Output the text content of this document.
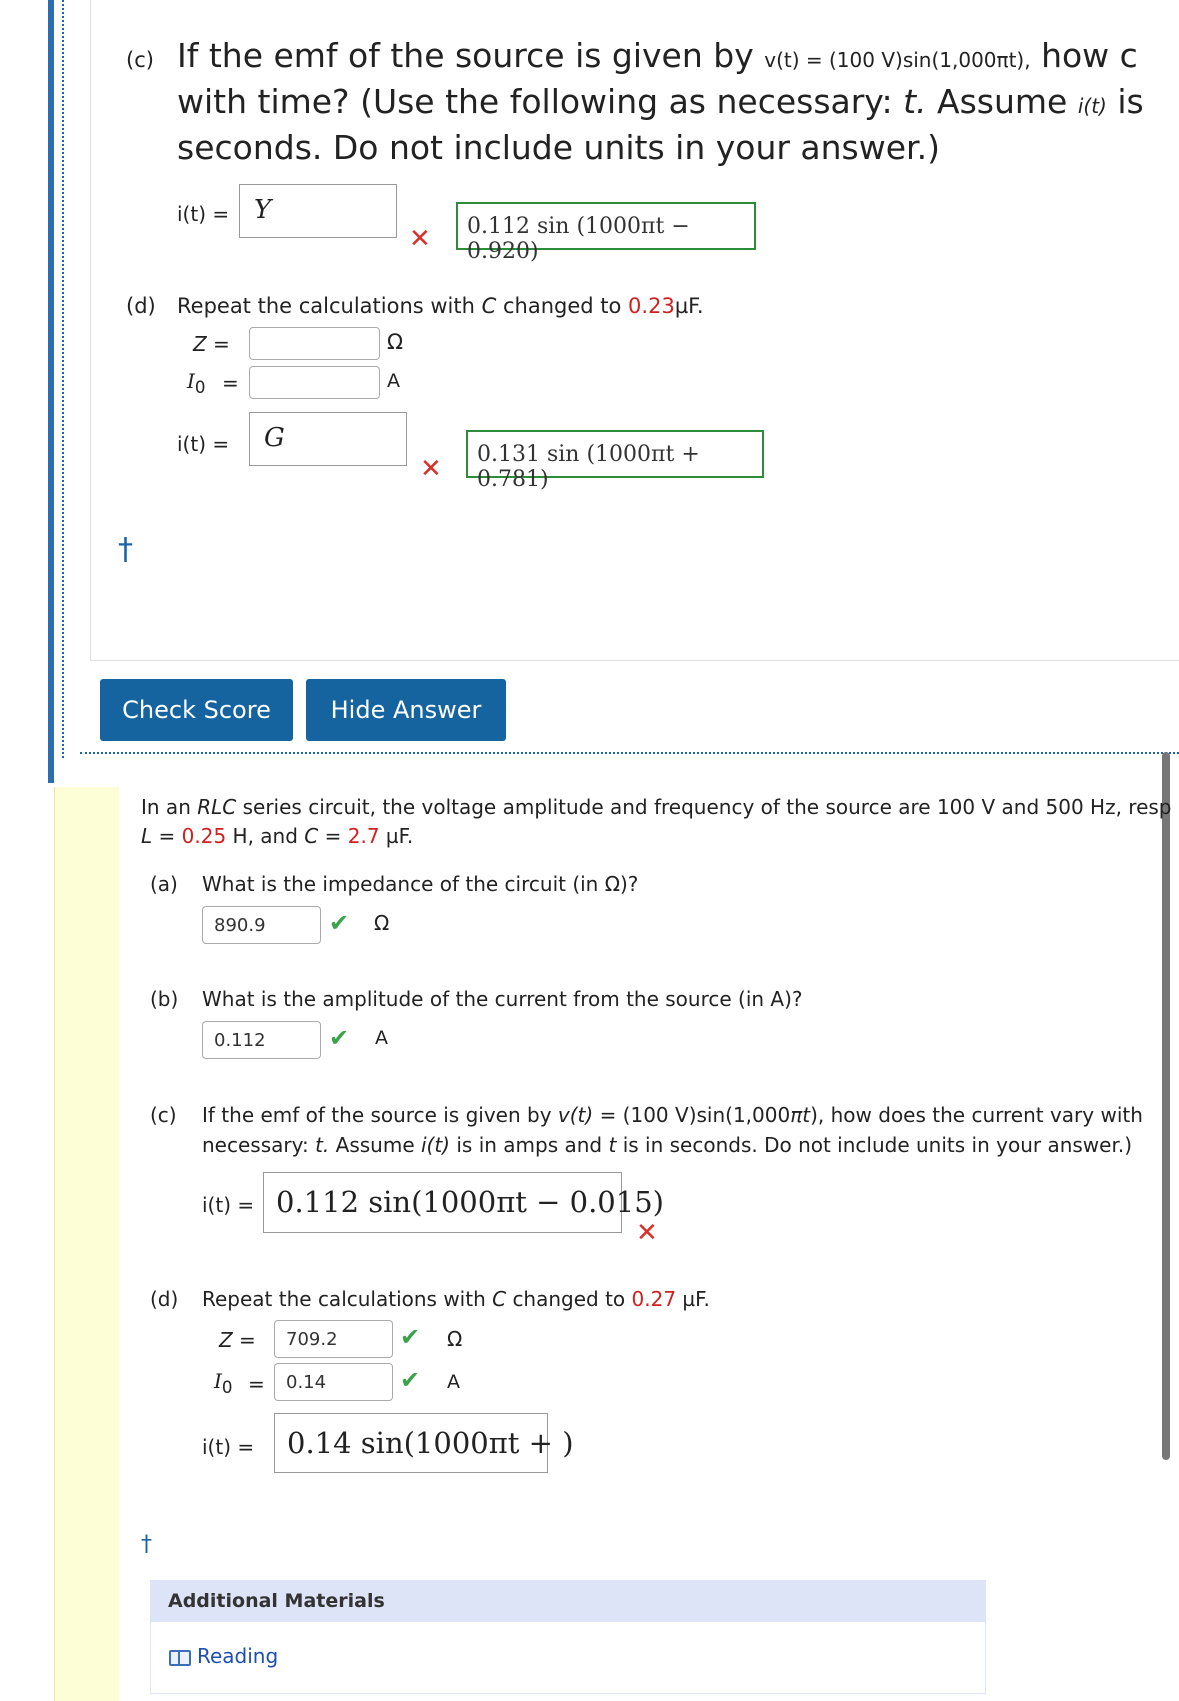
(c) If the emf of the source is given by v(t) = (100 V)sin(1,000πt), how c
with time? (Use the following as necessary: t. Assume i(t) is
seconds. Do not include units in your answer.)
i(t) = Y
✕	0.112 sin (1000πt − 0.920)
(d) Repeat the calculations with C changed to 0.23µF.
Z =	Ω
$I_0$ =	A
i(t) =	G
✕	0.131 sin (1000πt + 0.781)
†
Check Score	Hide Answer
In an RLC series circuit, the voltage amplitude and frequency of the source are 100 V and 500 Hz, resp
L = 0.25 H, and C = 2.7 µF.
(a) What is the impedance of the circuit (in Ω)?
890.9	✔ Ω
(b) What is the amplitude of the current from the source (in A)?
0.112	✔ A
(c) If the emf of the source is given by v(t) = (100 V)sin(1,000πt), how does the current vary with
necessary: t. Assume i(t) is in amps and t is in seconds. Do not include units in your answer.)
i(t) = 0.112 sin(1000πt − 0.015)
✕
(d) Repeat the calculations with C changed to 0.27 µF.
Z =	709.2	✔ Ω
$I_0$ =	0.14	✔ A
i(t) =	0.14 sin(1000πt + )
†
Additional Materials
Reading
